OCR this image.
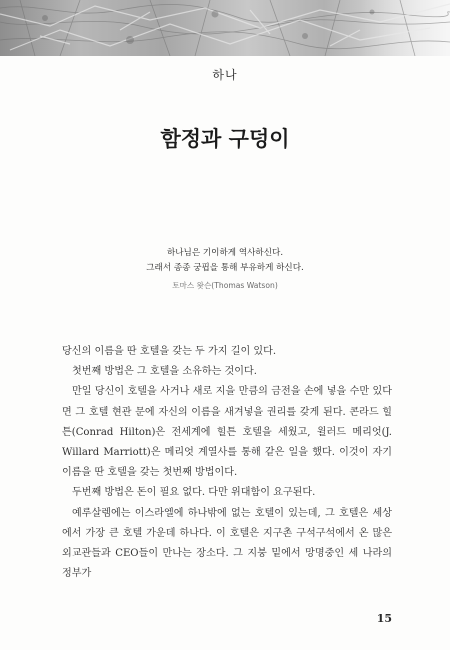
하나
함정과 구덩이
하나님은 기이하게 역사하신다.
그래서 종종 궁핍을 통해 부유하게 하신다.
토마스 왓슨(Thomas Watson)

당신의 이름을 딴 호텔을 갖는 두 가지 길이 있다.

첫번째 방법은 그 호텔을 소유하는 것이다.

만일 당신이 호텔을 사거나 새로 지을 만큼의 금전을 손에 넣을 수만 있다면 그 호텔 현관 문에 자신의 이름을 새겨넣을 권리를 갖게 된다. 콘라드 힐튼(Conrad Hilton)은 전세계에 힐튼 호텔을 세웠고, 윌러드 메리엇(J. Willard Marriott)은 메리엇 계열사를 통해 같은 일을 했다. 이것이 자기 이름을 딴 호텔을 갖는 첫번째 방법이다.

두번째 방법은 돈이 필요 없다. 다만 위대함이 요구된다.

예루살렘에는 이스라엘에 하나밖에 없는 호텔이 있는데, 그 호텔은 세상에서 가장 큰 호텔 가운데 하나다. 이 호텔은 지구촌 구석구석에서 온 많은 외교관들과 CEO들이 만나는 장소다. 그 지붕 밑에서 망명중인 세 나라의 정부가

15
